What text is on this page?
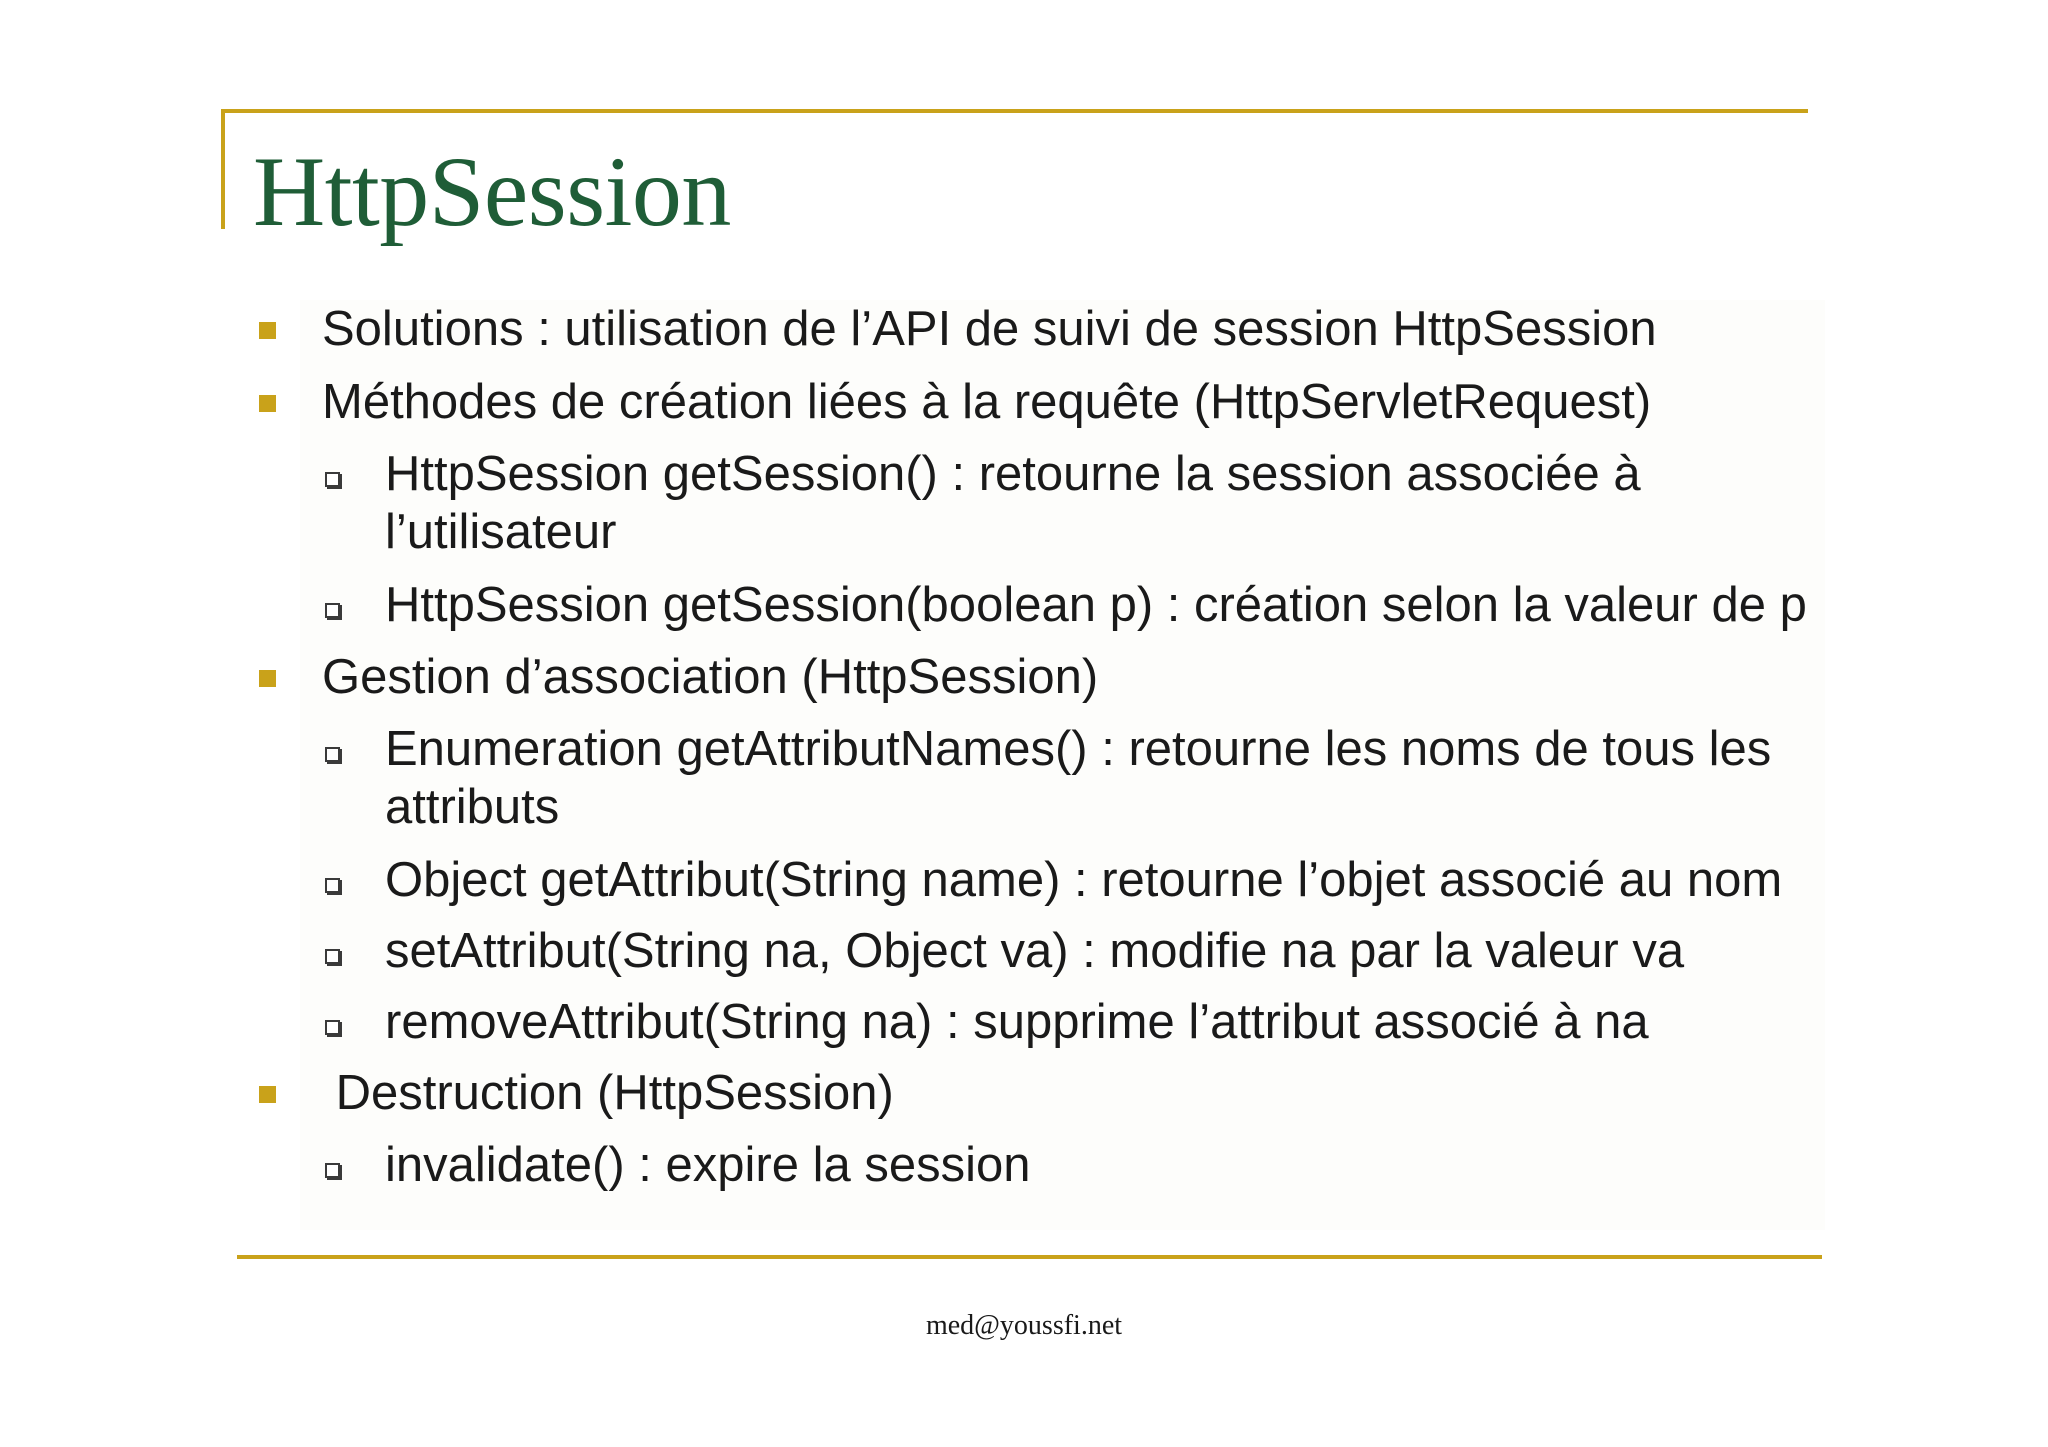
HttpSession
Solutions : utilisation de l’API de suivi de session HttpSession
Méthodes de création liées à la requête (HttpServletRequest)
HttpSession getSession() : retourne la session associée à
l’utilisateur
HttpSession getSession(boolean p) : création selon la valeur de p
Gestion d’association (HttpSession)
Enumeration getAttributNames() : retourne les noms de tous les
attributs
Object getAttribut(String name) : retourne l’objet associé au nom
setAttribut(String na, Object va) : modifie na par la valeur va
removeAttribut(String na) : supprime l’attribut associé à na
Destruction (HttpSession)
invalidate() : expire la session
med@youssfi.net
